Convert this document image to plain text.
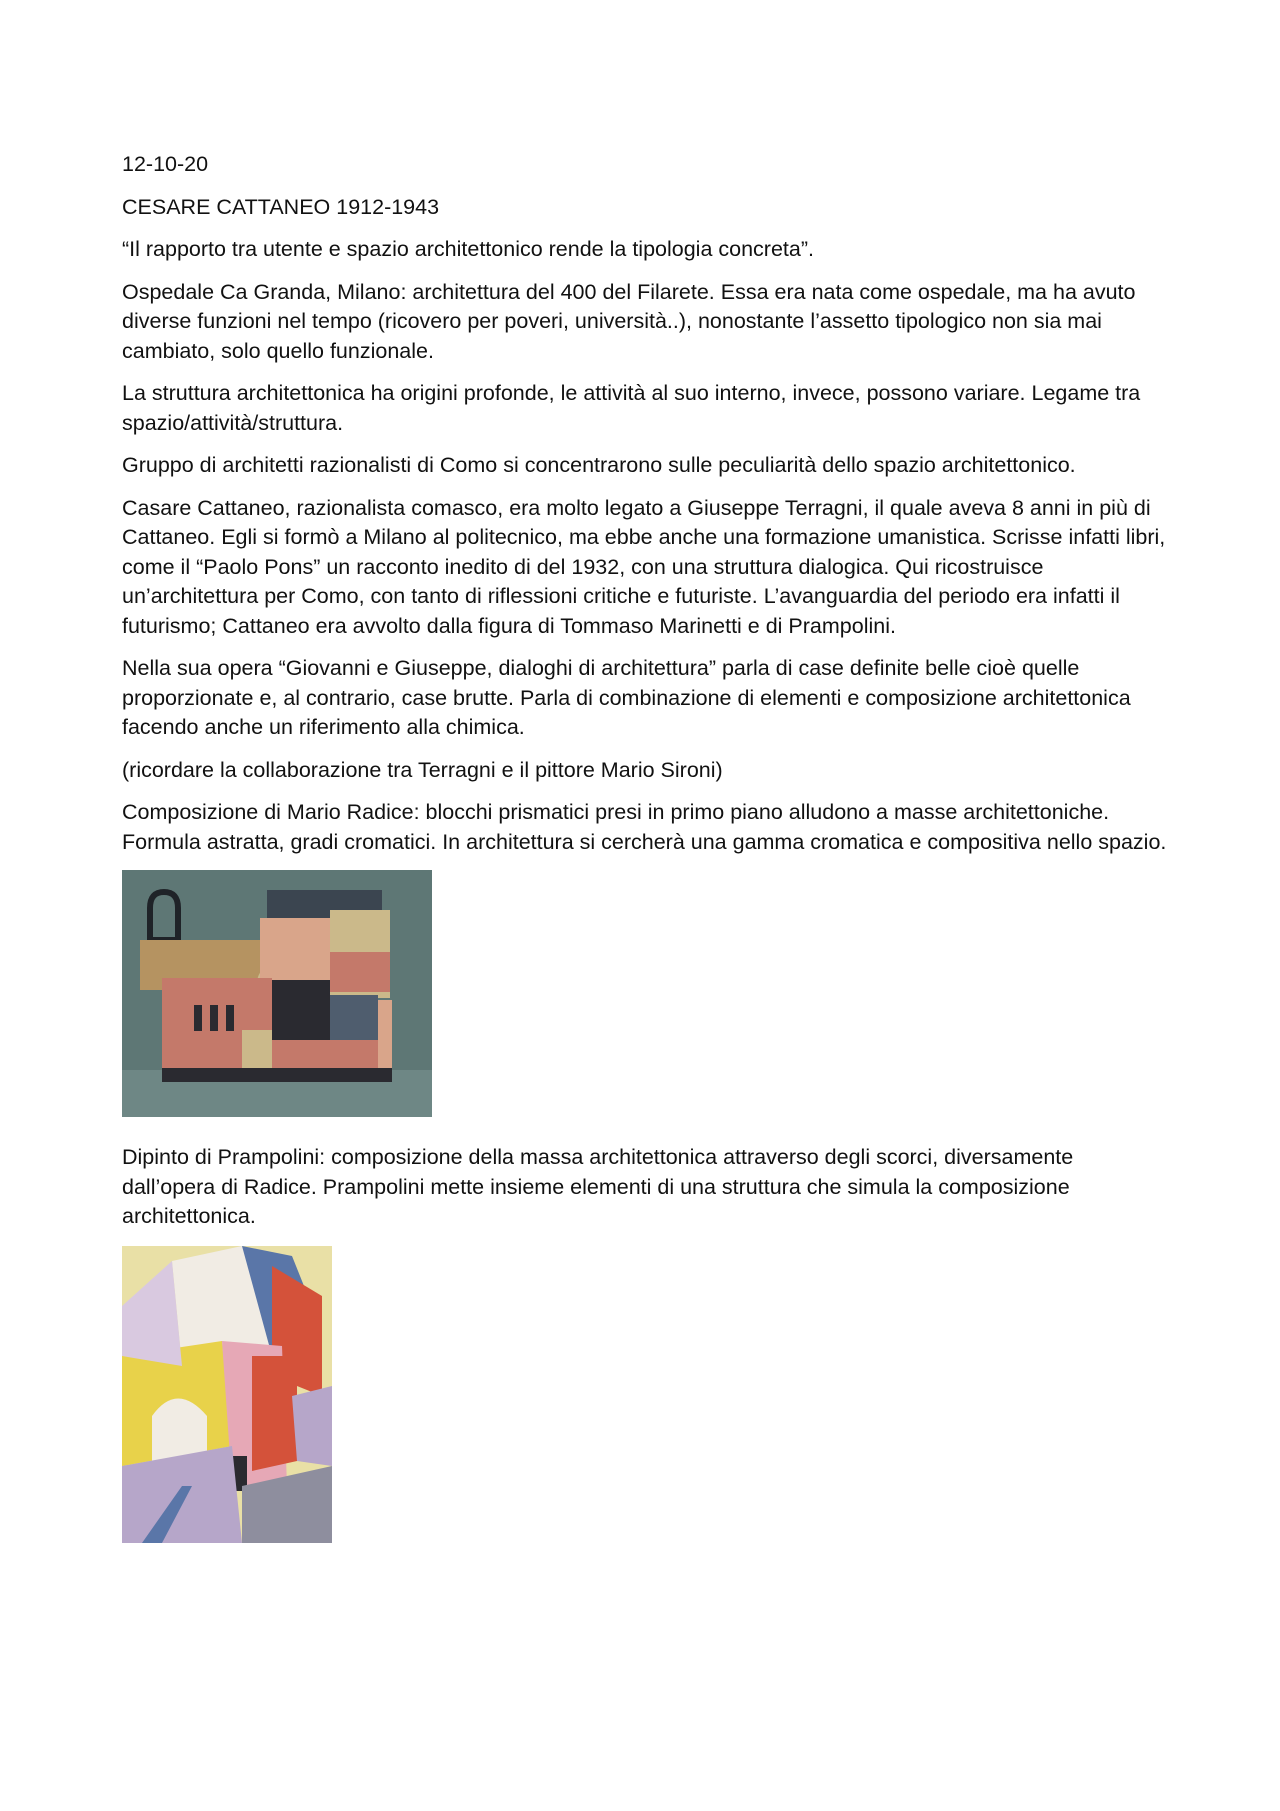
12-10-20

CESARE CATTANEO 1912-1943

“Il rapporto tra utente e spazio architettonico rende la tipologia concreta”.

Ospedale Ca Granda, Milano: architettura del 400 del Filarete. Essa era nata come ospedale, ma ha avuto diverse funzioni nel tempo (ricovero per poveri, università..), nonostante l’assetto tipologico non sia mai cambiato, solo quello funzionale.

La struttura architettonica ha origini profonde, le attività al suo interno, invece, possono variare. Legame tra spazio/attività/struttura.

Gruppo di architetti razionalisti di Como si concentrarono sulle peculiarità dello spazio architettonico.

Casare Cattaneo, razionalista comasco, era molto legato a Giuseppe Terragni, il quale aveva 8 anni in più di Cattaneo. Egli si formò a Milano al politecnico, ma ebbe anche una formazione umanistica. Scrisse infatti libri, come il “Paolo Pons” un racconto inedito di del 1932, con una struttura dialogica. Qui ricostruisce un’architettura per Como, con tanto di riflessioni critiche e futuriste. L’avanguardia del periodo era infatti il futurismo; Cattaneo era avvolto dalla figura di Tommaso Marinetti e di Prampolini.

Nella sua opera “Giovanni e Giuseppe, dialoghi di architettura” parla di case definite belle cioè quelle proporzionate e, al contrario, case brutte. Parla di combinazione di elementi e composizione architettonica facendo anche un riferimento alla chimica.

(ricordare la collaborazione tra Terragni e il pittore Mario Sironi)

Composizione di Mario Radice: blocchi prismatici presi in primo piano alludono a masse architettoniche. Formula astratta, gradi cromatici. In architettura si cercherà una gamma cromatica e compositiva nello spazio.

Dipinto di Prampolini: composizione della massa architettonica attraverso degli scorci, diversamente dall’opera di Radice. Prampolini mette insieme elementi di una struttura che simula la composizione architettonica.
